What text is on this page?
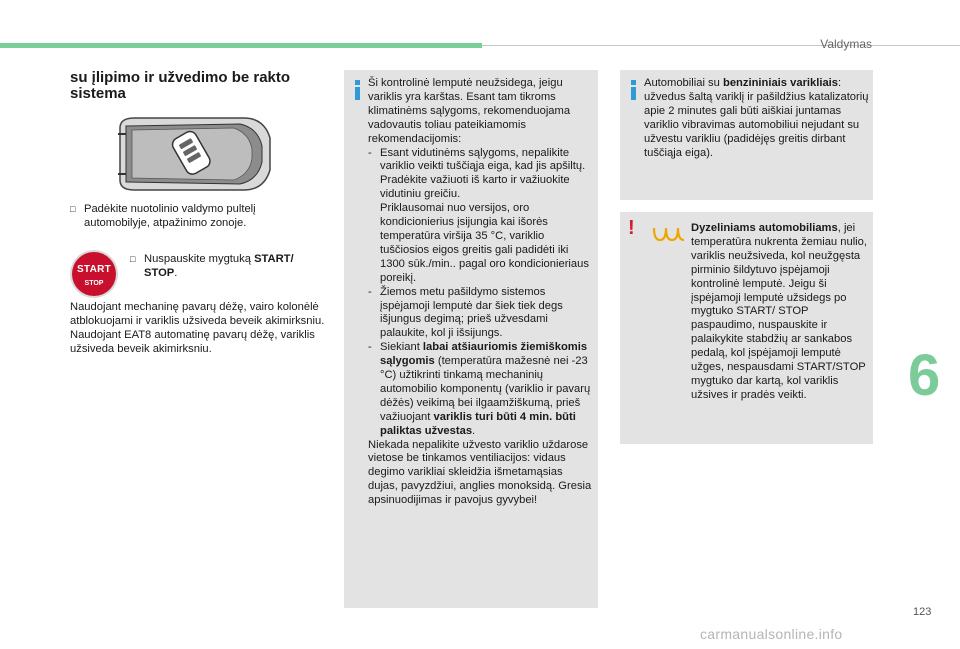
Valdymas
su įlipimo ir užvedimo be rakto sistema
□ Padėkite nuotolinio valdymo pultelį automobilyje, atpažinimo zonoje.
START
STOP
□ Nuspauskite mygtuką START/ STOP.
Naudojant mechaninę pavarų dėžę, vairo kolonėlė atblokuojami ir variklis užsiveda beveik akimirksniu.
Naudojant EAT8 automatinę pavarų dėžę, variklis užsiveda beveik akimirksniu.
Ši kontrolinė lemputė neužsidega, jeigu variklis yra karštas. Esant tam tikroms klimatinėms sąlygoms, rekomenduojama vadovautis toliau pateikiamomis rekomendacijomis:
- Esant vidutinėms sąlygoms, nepalikite variklio veikti tuščiąja eiga, kad jis apšiltų. Pradėkite važiuoti iš karto ir važiuokite vidutiniu greičiu.
Priklausomai nuo versijos, oro kondicionierius įsijungia kai išorės temperatūra viršija 35 °C, variklio tuščiosios eigos greitis gali padidėti iki 1300 sūk./min.. pagal oro kondicionieriaus poreikį.
- Žiemos metu pašildymo sistemos įspėjamoji lemputė dar šiek tiek degs išjungus degimą; prieš užvesdami palaukite, kol ji išsijungs.
- Siekiant labai atšiauriomis žiemiškomis sąlygomis (temperatūra mažesnė nei -23 °C) užtikrinti tinkamą mechaninių automobilio komponentų (variklio ir pavarų dėžės) veikimą bei ilgaamžiškumą, prieš važiuojant variklis turi būti 4 min. būti paliktas užvestas.
Niekada nepalikite užvesto variklio uždarose vietose be tinkamos ventiliacijos: vidaus degimo varikliai skleidžia išmetamąsias dujas, pavyzdžiui, anglies monoksidą. Gresia apsinuodijimas ir pavojus gyvybei!
Automobiliai su benzininiais varikliais: užvedus šaltą variklį ir pašildžius katalizatorių apie 2 minutes gali būti aiškiai juntamas variklio vibravimas automobiliui nejudant su užvestu varikliu (padidėjęs greitis dirbant tuščiąja eiga).
!	Dyzeliniams automobiliams, jei temperatūra nukrenta žemiau nulio, variklis neužsiveda, kol neužgęsta pirminio šildytuvo įspėjamoji kontrolinė lemputė. Jeigu ši įspėjamoji lemputė užsidegs po mygtuko START/ STOP paspaudimo, nuspauskite ir palaikykite stabdžių ar sankabos pedalą, kol įspėjamoji lemputė užges, nespausdami START/STOP mygtuko dar kartą, kol variklis užsives ir pradės veikti.	6
123
carmanualsonline.info
